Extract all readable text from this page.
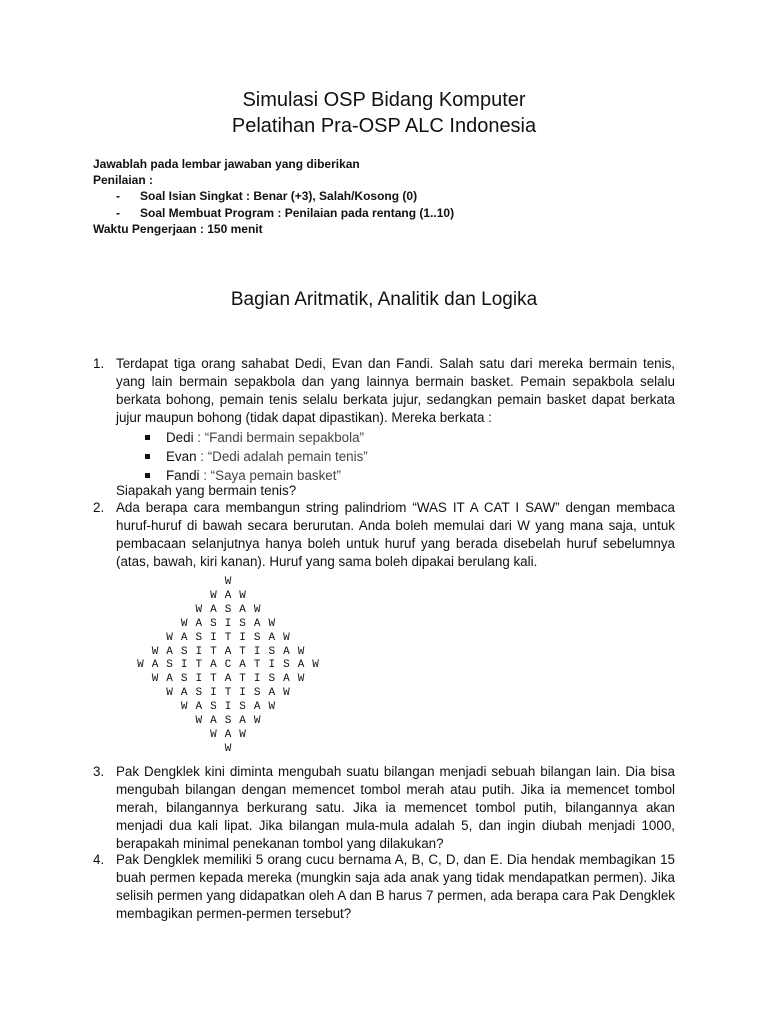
Simulasi OSP Bidang Komputer
Pelatihan Pra-OSP ALC Indonesia
Jawablah pada lembar jawaban yang diberikan
Penilaian :
- Soal Isian Singkat : Benar (+3), Salah/Kosong (0)
- Soal Membuat Program : Penilaian pada rentang (1..10)
Waktu Pengerjaan : 150 menit
Bagian Aritmatik, Analitik dan Logika
1. Terdapat tiga orang sahabat Dedi, Evan dan Fandi. Salah satu dari mereka bermain tenis, yang lain bermain sepakbola dan yang lainnya bermain basket. Pemain sepakbola selalu berkata bohong, pemain tenis selalu berkata jujur, sedangkan pemain basket dapat berkata jujur maupun bohong (tidak dapat dipastikan). Mereka berkata :

Dedi : “Fandi bermain sepakbola”
Evan : “Dedi adalah pemain tenis”
Fandi : “Saya pemain basket”
Siapakah yang bermain tenis?
2. Ada berapa cara membangun string palindriom “WAS IT A CAT I SAW” dengan membaca huruf-huruf di bawah secara berurutan. Anda boleh memulai dari W yang mana saja, untuk pembacaan selanjutnya hanya boleh untuk huruf yang berada disebelah huruf sebelumnya (atas, bawah, kiri kanan). Huruf yang sama boleh dipakai berulang kali.

W
W A W
W A S A W
W A S I S A W
W A S I T I S A W
W A S I T A T I S A W
W A S I T A C A T I S A W
W A S I T A T I S A W
W A S I T I S A W
W A S I S A W
W A S A W
W A W
W
3. Pak Dengklek kini diminta mengubah suatu bilangan menjadi sebuah bilangan lain. Dia bisa mengubah bilangan dengan memencet tombol merah atau putih. Jika ia memencet tombol merah, bilangannya berkurang satu. Jika ia memencet tombol putih, bilangannya akan menjadi dua kali lipat. Jika bilangan mula-mula adalah 5, dan ingin diubah menjadi 1000, berapakah minimal penekanan tombol yang dilakukan?

4. Pak Dengklek memiliki 5 orang cucu bernama A, B, C, D, dan E. Dia hendak membagikan 15 buah permen kepada mereka (mungkin saja ada anak yang tidak mendapatkan permen). Jika selisih permen yang didapatkan oleh A dan B harus 7 permen, ada berapa cara Pak Dengklek membagikan permen-permen tersebut?
